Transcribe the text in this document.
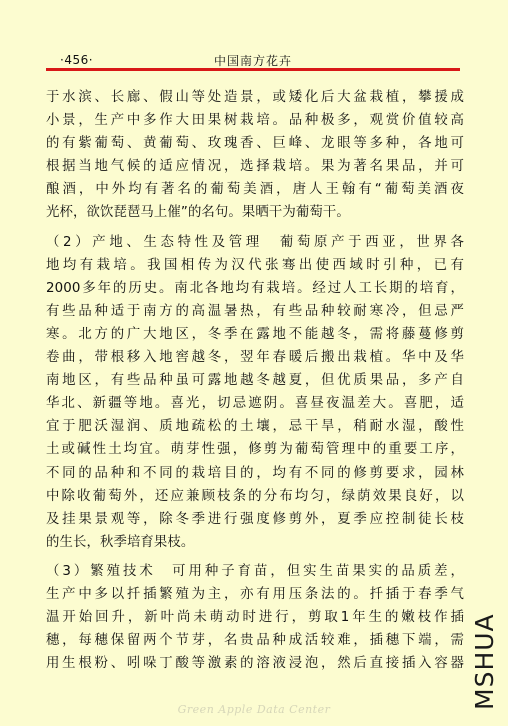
·456·	中国南方花卉
于水滨、长廊、假山等处造景，或矮化后大盆栽植，攀援成
小景，生产中多作大田果树栽培。品种极多，观赏价值较高
的有紫葡萄、黄葡萄、玫瑰香、巨峰、龙眼等多种，各地可
根据当地气候的适应情况，选择栽培。果为著名果品，并可
酿酒，中外均有著名的葡萄美酒，唐人王翰有“葡萄美酒夜
光杯，欲饮琵琶马上催”的名句。果晒干为葡萄干。
（2）产地、生态特性及管理　葡萄原产于西亚，世界各
地均有栽培。我国相传为汉代张骞出使西域时引种，已有
2000多年的历史。南北各地均有栽培。经过人工长期的培育，
有些品种适于南方的高温暑热，有些品种较耐寒冷，但忌严
寒。北方的广大地区，冬季在露地不能越冬，需将藤蔓修剪
卷曲，带根移入地窖越冬，翌年春暖后搬出栽植。华中及华
南地区，有些品种虽可露地越冬越夏，但优质果品，多产自
华北、新疆等地。喜光，切忌遮阴。喜昼夜温差大。喜肥，适
宜于肥沃湿润、质地疏松的土壤，忌干旱，稍耐水湿，酸性
土或碱性土均宜。萌芽性强，修剪为葡萄管理中的重要工序，
不同的品种和不同的栽培目的，均有不同的修剪要求，园林
中除收葡萄外，还应兼顾枝条的分布均匀，绿荫效果良好，以
及挂果景观等，除冬季进行强度修剪外，夏季应控制徒长枝
的生长，秋季培育果枝。
（3）繁殖技术　可用种子育苗，但实生苗果实的品质差，
生产中多以扦插繁殖为主，亦有用压条法的。扦插于春季气
温开始回升，新叶尚未萌动时进行，剪取1年生的嫩枝作插
穗，每穗保留两个节芽，名贵品种成活较难，插穗下端，需
用生根粉、吲哚丁酸等激素的溶液浸泡，然后直接插入容器
Green Apple Data Center	MSHUA
